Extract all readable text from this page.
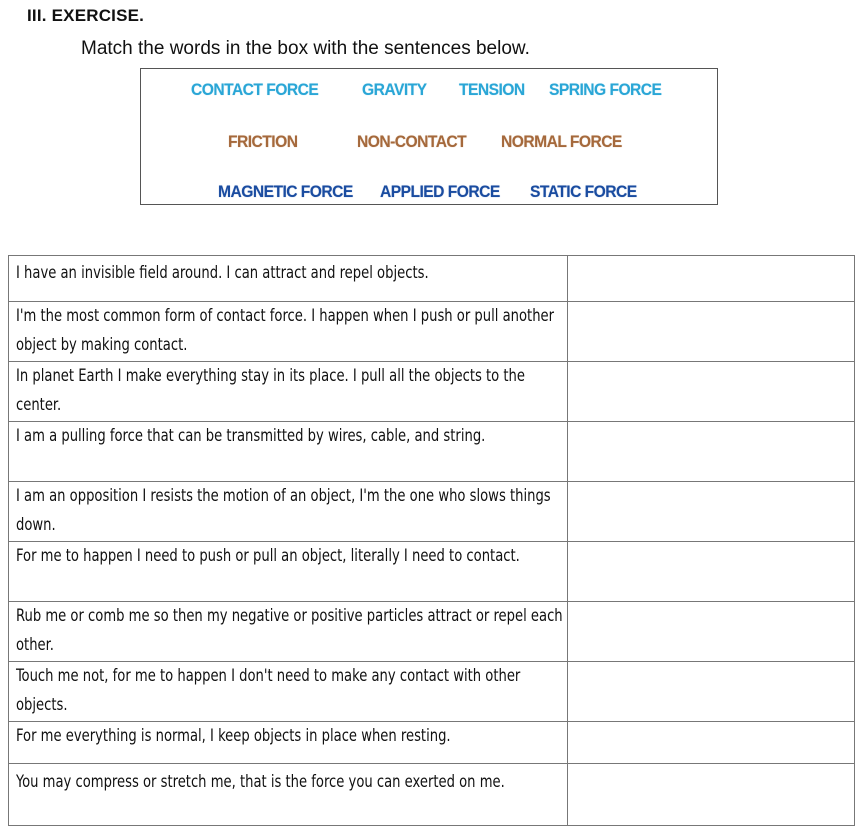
III. EXERCISE.
Match the words in the box with the sentences below.
CONTACT FORCE	GRAVITY TENSION SPRING FORCE
FRICTION	NON-CONTACT NORMAL FORCE
MAGNETIC FORCE APPLIED FORCE STATIC FORCE
I have an invisible field around. I can attract and repel objects.	

I'm the most common form of contact force. I happen when I push or pull another object by making contact.	

In planet Earth I make everything stay in its place. I pull all the objects to the center.	

I am a pulling force that can be transmitted by wires, cable, and string.	

I am an opposition I resists the motion of an object, I'm the one who slows things down.	

For me to happen I need to push or pull an object, literally I need to contact.	

Rub me or comb me so then my negative or positive particles attract or repel each other.	

Touch me not, for me to happen I don't need to make any contact with other objects.	

For me everything is normal, I keep objects in place when resting.	

You may compress or stretch me, that is the force you can exerted on me.	
